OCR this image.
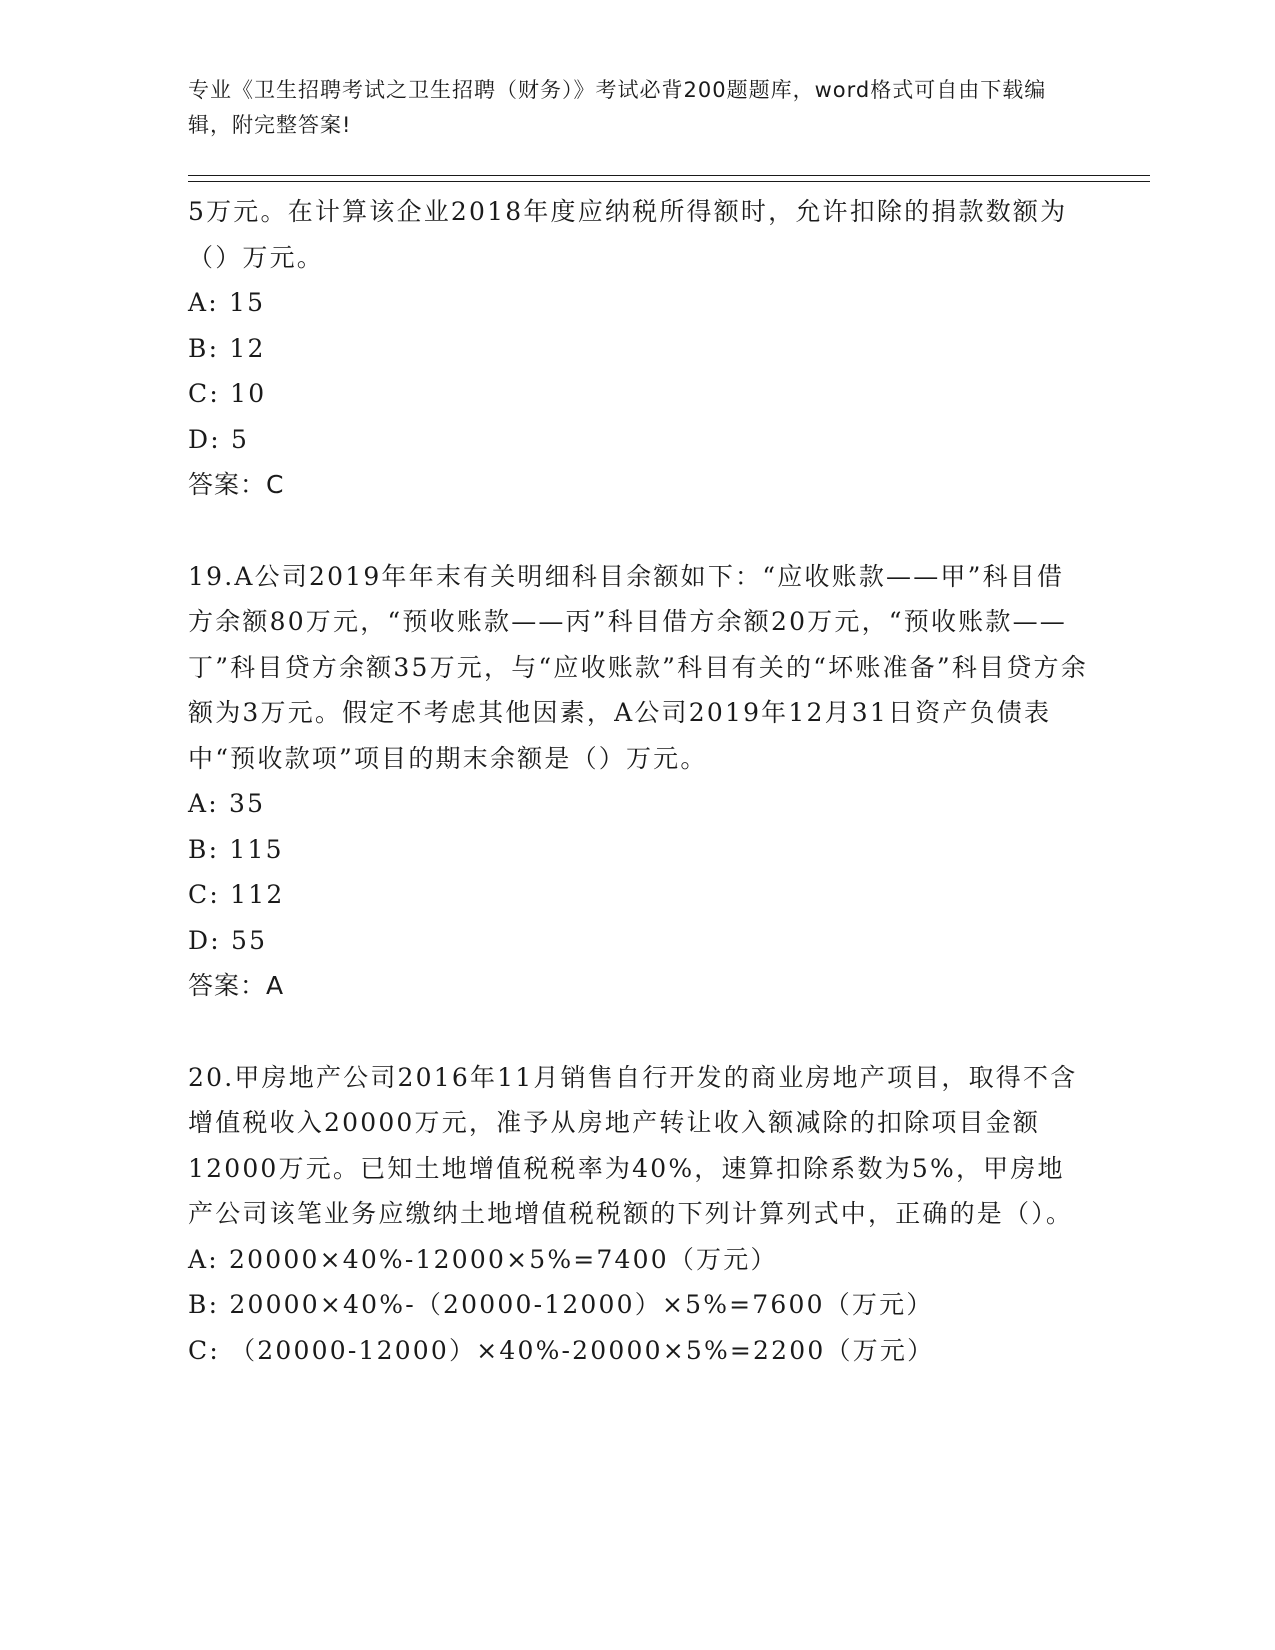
专业《卫生招聘考试之卫生招聘（财务）》考试必背200题题库，word格式可自由下载编辑，附完整答案!
5万元。在计算该企业2018年度应纳税所得额时，允许扣除的捐款数额为（）万元。
A: 15
B: 12
C: 10
D: 5
答案：C
19.A公司2019年年末有关明细科目余额如下：“应收账款——甲”科目借方余额80万元，“预收账款——丙”科目借方余额20万元，“预收账款——丁”科目贷方余额35万元，与“应收账款”科目有关的“坏账准备”科目贷方余额为3万元。假定不考虑其他因素，A公司2019年12月31日资产负债表中“预收款项”项目的期末余额是（）万元。
A: 35
B: 115
C: 112
D: 55
答案：A
20.甲房地产公司2016年11月销售自行开发的商业房地产项目，取得不含增值税收入20000万元，准予从房地产转让收入额减除的扣除项目金额12000万元。已知土地增值税税率为40%，速算扣除系数为5%，甲房地产公司该笔业务应缴纳土地增值税税额的下列计算列式中，正确的是（）。
A: 20000×40%-12000×5%=7400（万元）
B: 20000×40%-（20000-12000）×5%=7600（万元）
C: （20000-12000）×40%-20000×5%=2200（万元）
